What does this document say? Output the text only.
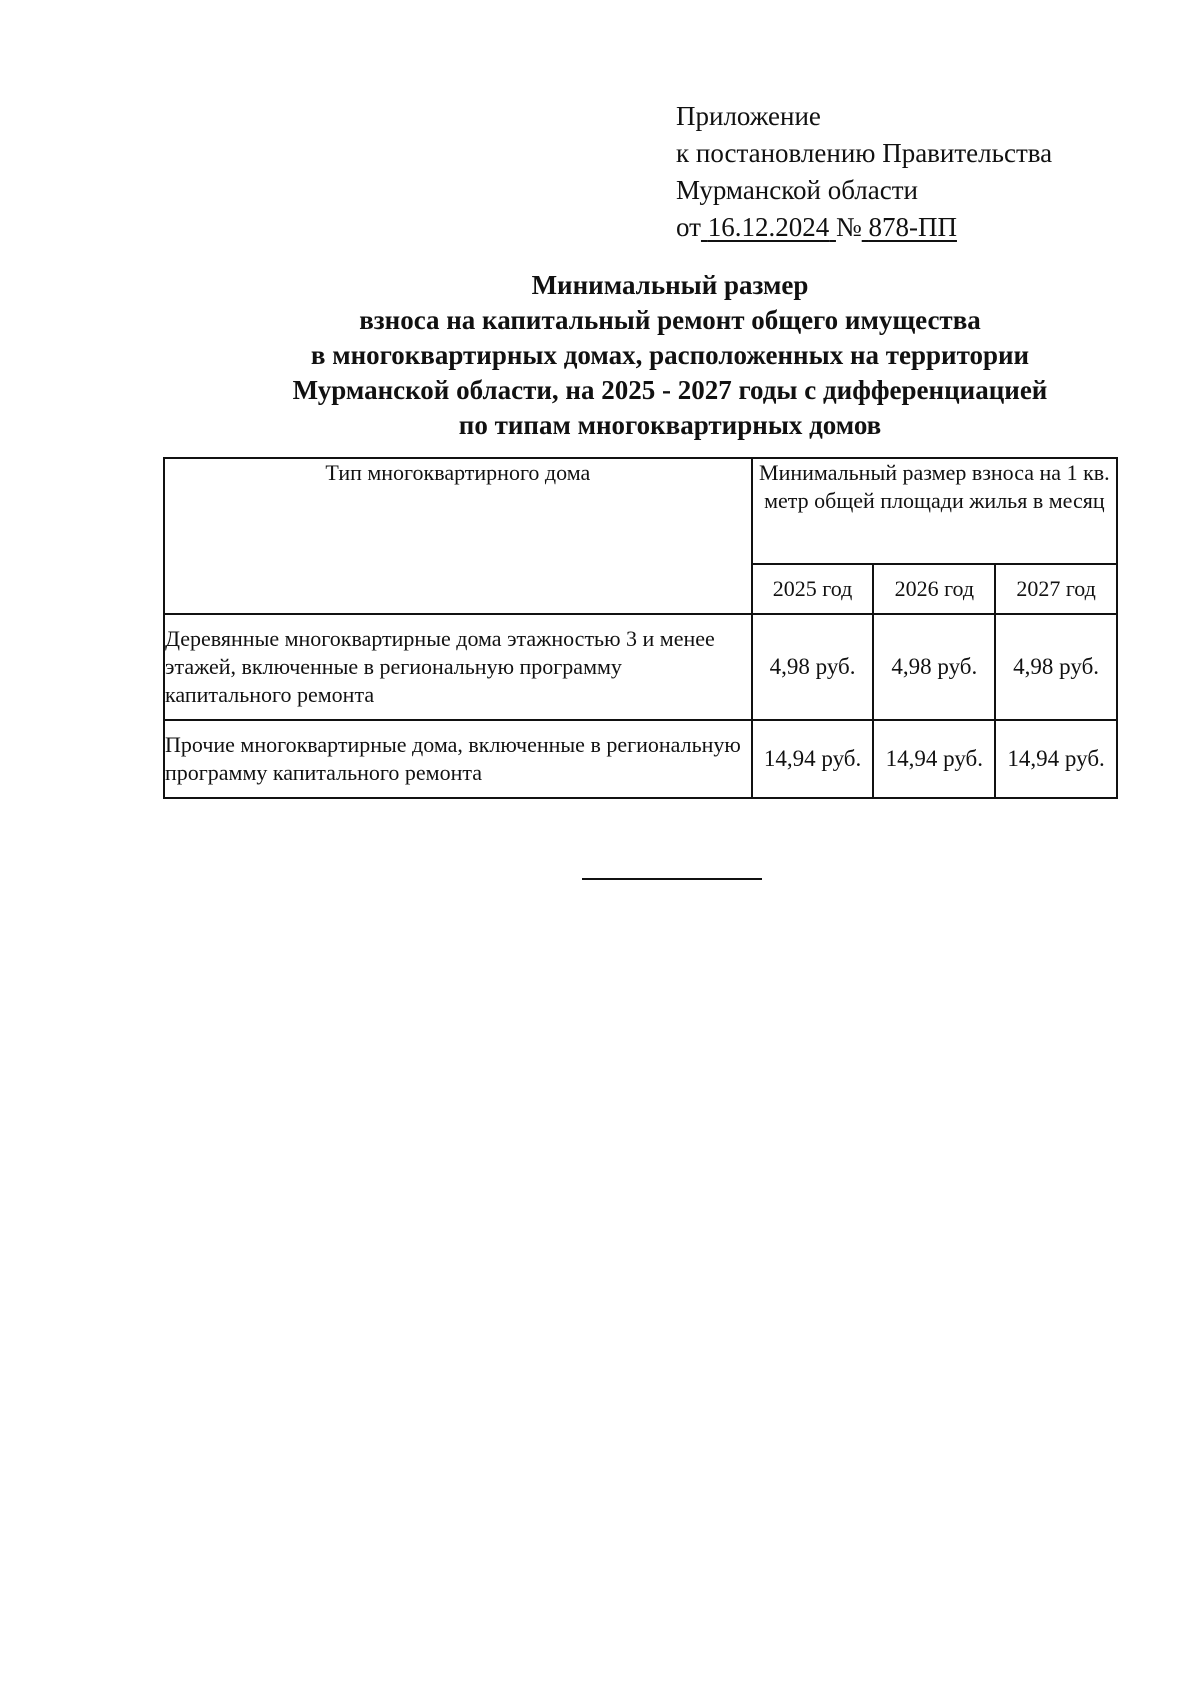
Приложение
к постановлению Правительства
Мурманской области
от 16.12.2024 № 878-ПП
Минимальный размер
взноса на капитальный ремонт общего имущества
в многоквартирных домах, расположенных на территории
Мурманской области, на 2025 - 2027 годы с дифференциацией
по типам многоквартирных домов
Тип многоквартирного дома	Минимальный размер взноса на 1 кв. метр общей площади жилья в месяц		
	2025 год	2026 год	2027 год
Деревянные многоквартирные дома этажностью 3 и менее этажей, включенные в региональную программу капитального ремонта	4,98 руб.	4,98 руб.	4,98 руб.
Прочие многоквартирные дома, включенные в региональную программу капитального ремонта	14,94 руб.	14,94 руб.	14,94 руб.
